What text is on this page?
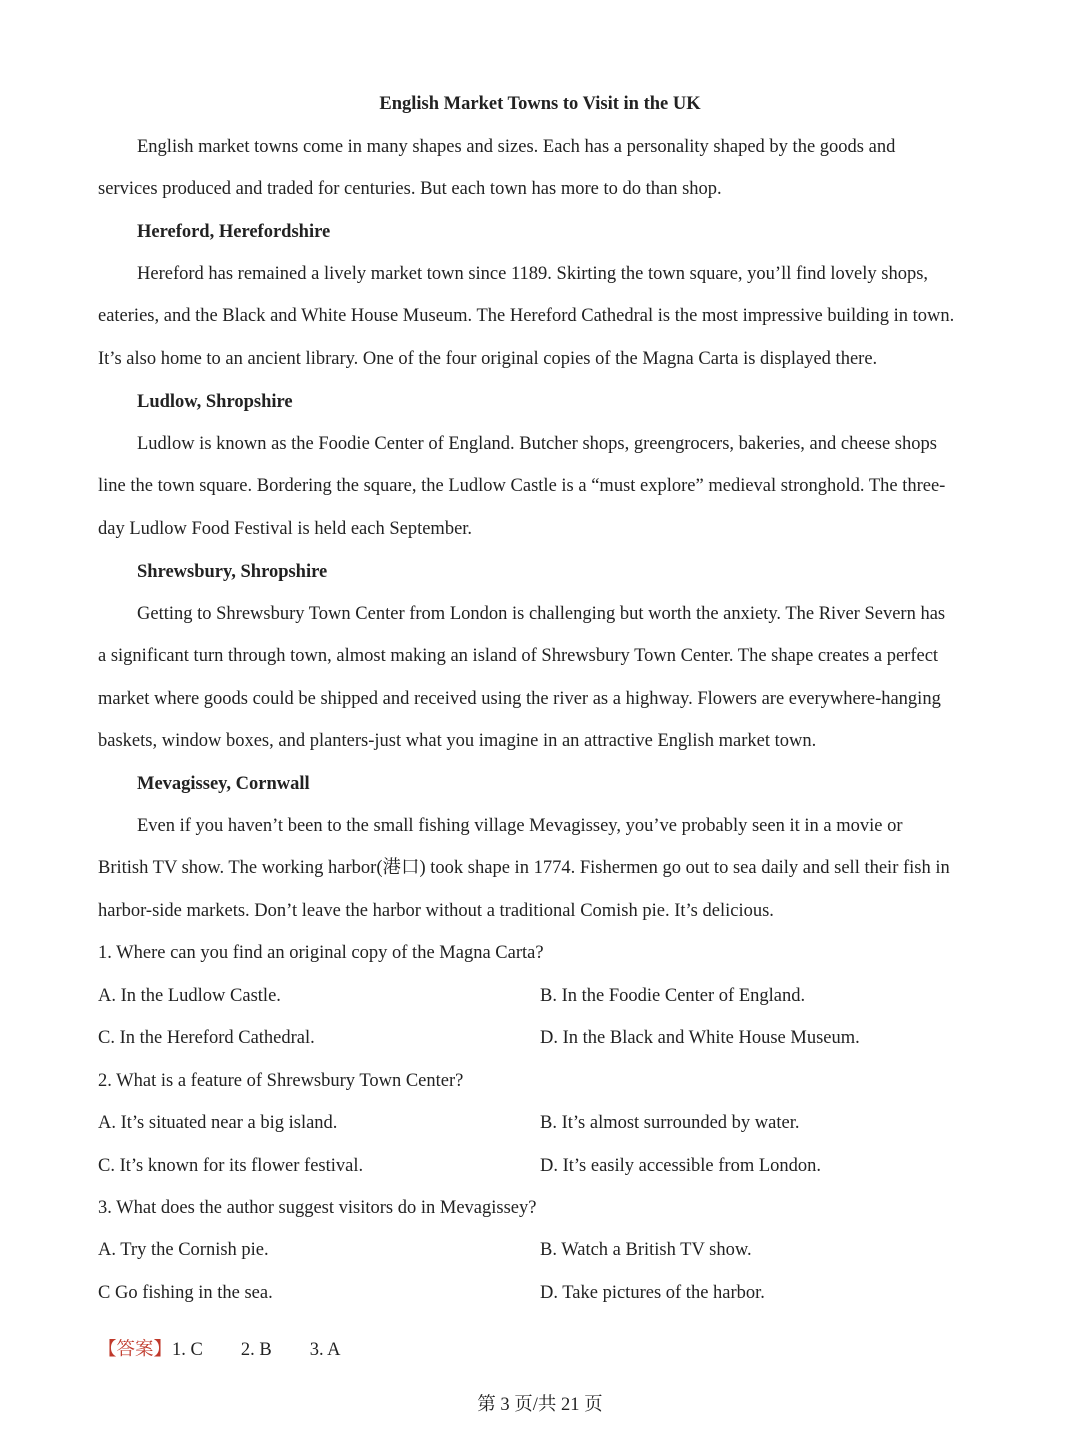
English Market Towns to Visit in the UK
English market towns come in many shapes and sizes. Each has a personality shaped by the goods and
services produced and traded for centuries. But each town has more to do than shop.
Hereford, Herefordshire
Hereford has remained a lively market town since 1189. Skirting the town square, you’ll find lovely shops,
eateries, and the Black and White House Museum. The Hereford Cathedral is the most impressive building in town.
It’s also home to an ancient library. One of the four original copies of the Magna Carta is displayed there.
Ludlow, Shropshire
Ludlow is known as the Foodie Center of England. Butcher shops, greengrocers, bakeries, and cheese shops
line the town square. Bordering the square, the Ludlow Castle is a “must explore” medieval stronghold. The three-
day Ludlow Food Festival is held each September.
Shrewsbury, Shropshire
Getting to Shrewsbury Town Center from London is challenging but worth the anxiety. The River Severn has
a significant turn through town, almost making an island of Shrewsbury Town Center. The shape creates a perfect
market where goods could be shipped and received using the river as a highway. Flowers are everywhere-hanging
baskets, window boxes, and planters-just what you imagine in an attractive English market town.
Mevagissey, Cornwall
Even if you haven’t been to the small fishing village Mevagissey, you’ve probably seen it in a movie or
British TV show. The working harbor(港口) took shape in 1774. Fishermen go out to sea daily and sell their fish in
harbor-side markets. Don’t leave the harbor without a traditional Comish pie. It’s delicious.
1. Where can you find an original copy of the Magna Carta?
A. In the Ludlow Castle.	B. In the Foodie Center of England.
C. In the Hereford Cathedral.	D. In the Black and White House Museum.
2. What is a feature of Shrewsbury Town Center?
A. It’s situated near a big island.	B. It’s almost surrounded by water.
C. It’s known for its flower festival.	D. It’s easily accessible from London.
3. What does the author suggest visitors do in Mevagissey?
A. Try the Cornish pie.	B. Watch a British TV show.
C Go fishing in the sea.	D. Take pictures of the harbor.
【答案】1. C 2. B 3. A
第 3 页/共 21 页
